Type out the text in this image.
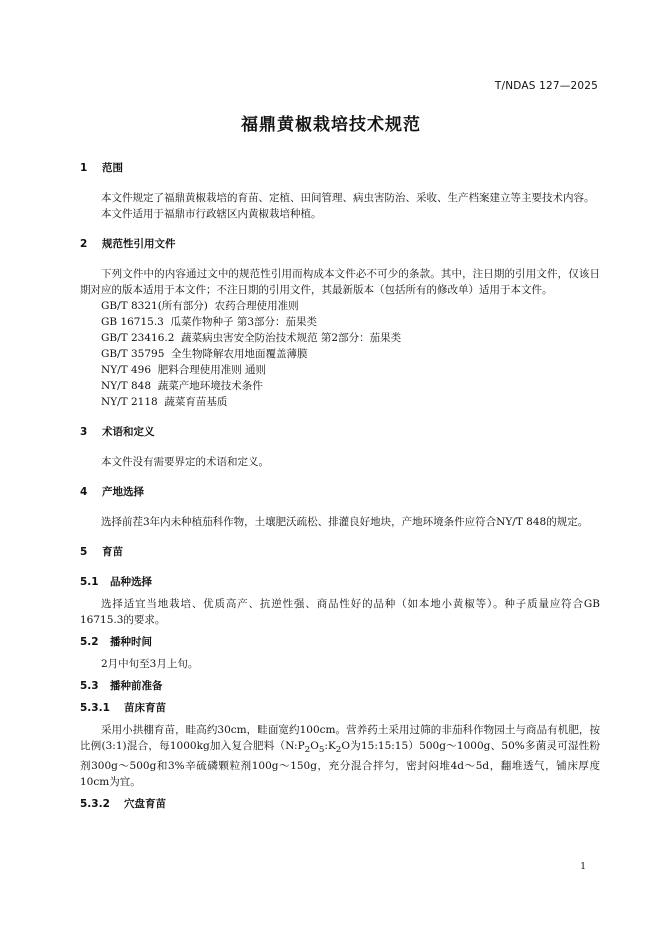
T/NDAS 127—2025
福鼎黄椒栽培技术规范
1 范围

本文件规定了福鼎黄椒栽培的育苗、定植、田间管理、病虫害防治、采收、生产档案建立等主要技术内容。

本文件适用于福鼎市行政辖区内黄椒栽培种植。

2 规范性引用文件

下列文件中的内容通过文中的规范性引用而构成本文件必不可少的条款。其中，注日期的引用文件，仅该日期对应的版本适用于本文件；不注日期的引用文件，其最新版本（包括所有的修改单）适用于本文件。

GB/T 8321(所有部分)  农药合理使用准则
GB 16715.3  瓜菜作物种子 第3部分：茄果类
GB/T 23416.2  蔬菜病虫害安全防治技术规范 第2部分：茄果类
GB/T 35795  全生物降解农用地面覆盖薄膜
NY/T 496  肥料合理使用准则 通则
NY/T 848  蔬菜产地环境技术条件
NY/T 2118  蔬菜育苗基质
3 术语和定义

本文件没有需要界定的术语和定义。

4 产地选择

选择前茬3年内未种植茄科作物，土壤肥沃疏松、排灌良好地块，产地环境条件应符合NY/T 848的规定。

5 育苗
5.1 品种选择

选择适宜当地栽培、优质高产、抗逆性强、商品性好的品种（如本地小黄椒等）。种子质量应符合GB 16715.3的要求。

5.2 播种时间

2月中旬至3月上旬。

5.3 播种前准备
5.3.1 苗床育苗

采用小拱棚育苗，畦高约30cm，畦面宽约100cm。营养药土采用过筛的非茄科作物园土与商品有机肥，按比例(3:1)混合，每1000kg加入复合肥料（$N:P_2O_5:K_2O$为15:15:15）500g～1000g、50%多菌灵可湿性粉剂300g～500g和3%辛硫磷颗粒剂100g～150g，充分混合拌匀，密封闷堆4d～5d，翻堆透气，铺床厚度10cm为宜。

5.3.2 穴盘育苗
1
